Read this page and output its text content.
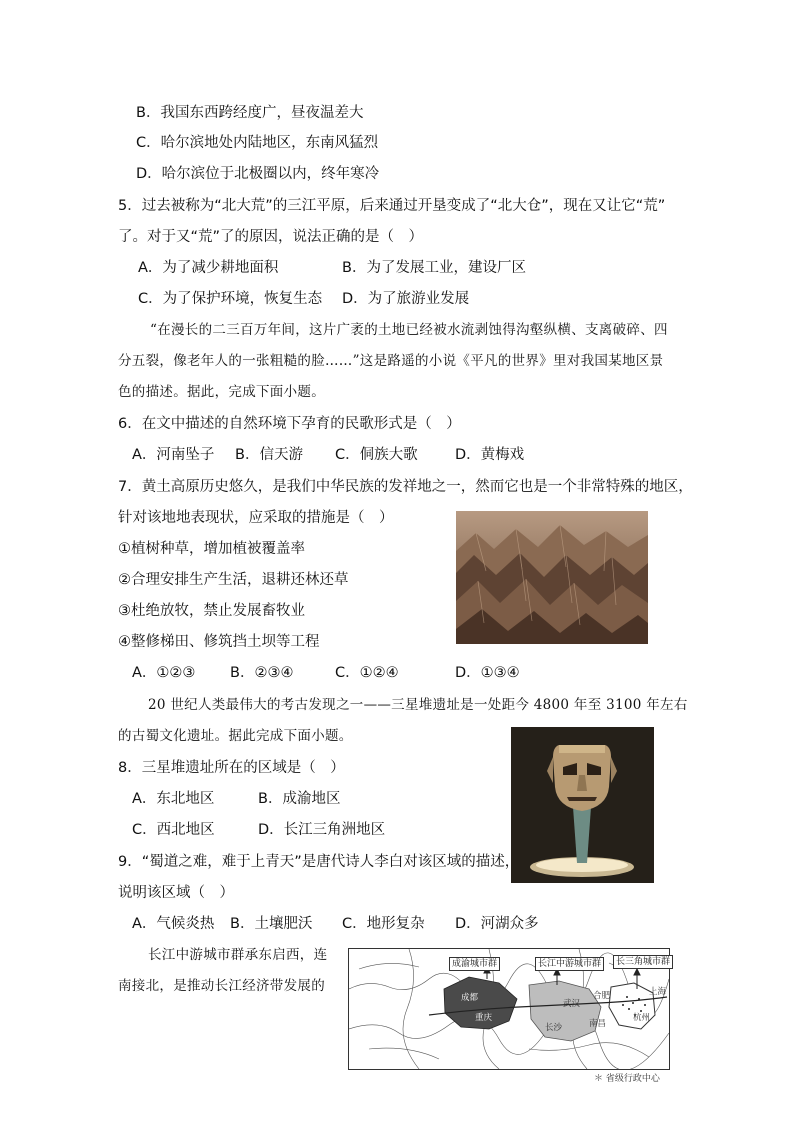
B．我国东西跨经度广，昼夜温差大
C．哈尔滨地处内陆地区，东南风猛烈
D．哈尔滨位于北极圈以内，终年寒冷
5．过去被称为“北大荒”的三江平原，后来通过开垦变成了“北大仓”，现在又让它“荒”
了。对于又“荒”了的原因，说法正确的是（　）
A．为了减少耕地面积	B．为了发展工业，建设厂区
C．为了保护环境，恢复生态 D．为了旅游业发展
“在漫长的二三百万年间，这片广袤的土地已经被水流剥蚀得沟壑纵横、支离破碎、四
分五裂，像老年人的一张粗糙的脸……”这是路遥的小说《平凡的世界》里对我国某地区景
色的描述。据此，完成下面小题。
6．在文中描述的自然环境下孕育的民歌形式是（　）
A．河南坠子 B．信天游 C．侗族大歌	D．黄梅戏
7．黄土高原历史悠久，是我们中华民族的发祥地之一，然而它也是一个非常特殊的地区，
针对该地地表现状，应采取的措施是（　）
①植树种草，增加植被覆盖率
②合理安排生产生活，退耕还林还草
③杜绝放牧，禁止发展畜牧业
④整修梯田、修筑挡土坝等工程
A．①②③ B．②③④	C．①②④	D．①③④
20 世纪人类最伟大的考古发现之一——三星堆遗址是一处距今 4800 年至 3100 年左右
的古蜀文化遗址。据此完成下面小题。
8．三星堆遗址所在的区域是（　）
A．东北地区	B．成渝地区
C．西北地区	D．长江三角洲地区
9．“蜀道之难，难于上青天”是唐代诗人李白对该区域的描述，
说明该区域（　）
A．气候炎热 B．土壤肥沃 C．地形复杂 D．河湖众多
长江中游城市群承东启西，连
南接北，是推动长江经济带发展的
成渝城市群	长江中游城市群	长三角城市群
成都
重庆
武汉
长沙	南昌
合肥
杭州
上海
＊ 省级行政中心
